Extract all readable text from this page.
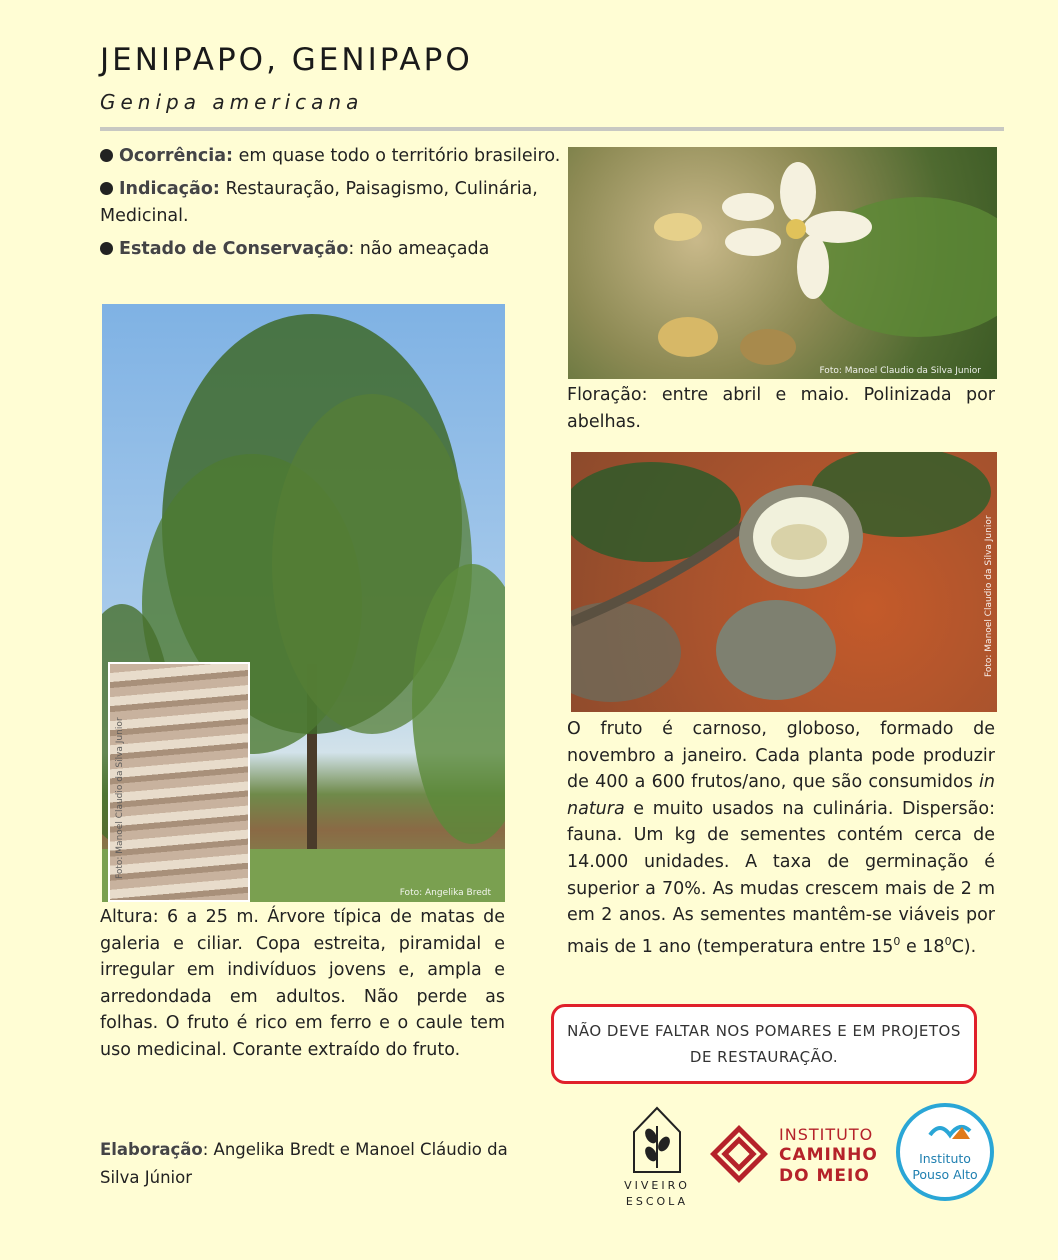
JENIPAPO, GENIPAPO
Genipa americana

Ocorrência: em quase todo o território brasileiro.

Indicação: Restauração, Paisagismo, Culinária, Medicinal.

Estado de Conservação: não ameaçada

Foto: Angelika Bredt
Foto: Manoel Claudio da Silva Junior
Foto: Manoel Claudio da Silva Junior
Floração: entre abril e maio. Polinizada por abelhas.
Foto: Manoel Claudio da Silva Junior
Altura: 6 a 25 m. Árvore típica de matas de galeria e ciliar. Copa estreita, piramidal e irregular em indivíduos jovens e, ampla e arredondada em adultos. Não perde as folhas. O fruto é rico em ferro e o caule tem uso medicinal. Corante extraído do fruto.
O fruto é carnoso, globoso, formado de novembro a janeiro. Cada planta pode produzir de 400 a 600 frutos/ano, que são consumidos in natura e muito usados na culinária. Dispersão: fauna. Um kg de sementes contém cerca de 14.000 unidades. A taxa de germinação é superior a 70%. As mudas crescem mais de 2 m em 2 anos. As sementes mantêm-se viáveis por mais de 1 ano (temperatura entre $15^0$ e $18^0C$).
NÃO DEVE FALTAR NOS POMARES E EM PROJETOS
DE RESTAURAÇÃO.
Elaboração: Angelika Bredt e Manoel Cláudio da Silva Júnior	VIVEIRO
ESCOLA
INSTITUTO
CAMINHO
DO MEIO
Instituto
Pouso Alto
